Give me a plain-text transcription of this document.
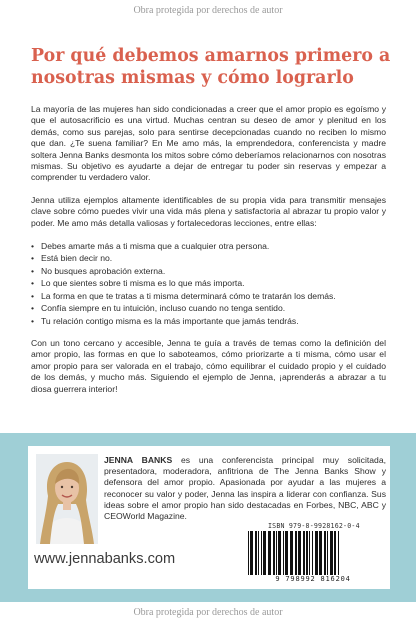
Obra protegida por derechos de autor
Por qué debemos amarnos primero a nosotras mismas y cómo lograrlo

La mayoría de las mujeres han sido condicionadas a creer que el amor propio es egoísmo y que el autosacrificio es una virtud. Muchas centran su deseo de amor y plenitud en los demás, como sus parejas, solo para sentirse decepcionadas cuando no reciben lo mismo que dan. ¿Te suena familiar? En Me amo más, la emprendedora, conferencista y madre soltera Jenna Banks desmonta los mitos sobre cómo deberíamos relacionarnos con nosotras mismas. Su objetivo es ayudarte a dejar de entregar tu poder sin reservas y empezar a comprender tu verdadero valor.

Jenna utiliza ejemplos altamente identificables de su propia vida para transmitir mensajes clave sobre cómo puedes vivir una vida más plena y satisfactoria al abrazar tu propio valor y poder. Me amo más detalla valiosas y fortalecedoras lecciones, entre ellas:

• Debes amarte más a ti misma que a cualquier otra persona.
• Está bien decir no.
• No busques aprobación externa.
• Lo que sientes sobre ti misma es lo que más importa.
• La forma en que te tratas a ti misma determinará cómo te tratarán los demás.
• Confía siempre en tu intuición, incluso cuando no tenga sentido.
• Tu relación contigo misma es la más importante que jamás tendrás.

Con un tono cercano y accesible, Jenna te guía a través de temas como la definición del amor propio, las formas en que lo saboteamos, cómo priorizarte a ti misma, cómo usar el amor propio para ser valorada en el trabajo, cómo equilibrar el cuidado propio y el cuidado de los demás, y mucho más. Siguiendo el ejemplo de Jenna, ¡aprenderás a abrazar a tu diosa guerrera interior!

JENNA BANKS es una conferencista principal muy solicitada, presentadora, moderadora, anfitriona de The Jenna Banks Show y defensora del amor propio. Apasionada por ayudar a las mujeres a reconocer su valor y poder, Jenna las inspira a liderar con confianza. Sus ideas sobre el amor propio han sido destacadas en Forbes, NBC, ABC y CEOWorld Magazine.
www.jennabanks.com
ISBN 979-8-9928162-0-4
9 798992 816204
Obra protegida por derechos de autor
